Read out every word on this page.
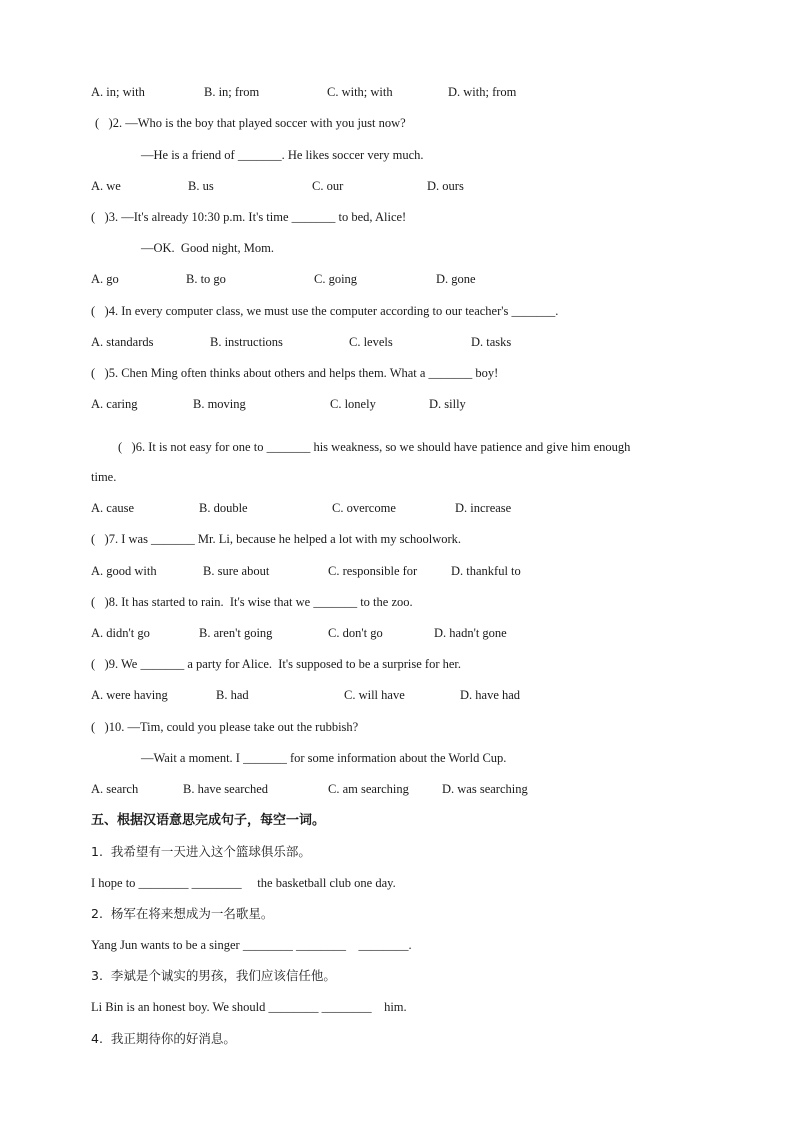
A. in; with	B. in; from	C. with; with	D. with; from
(   )2. —Who is the boy that played soccer with you just now?
—He is a friend of _______. He likes soccer very much.
A. we	B. us	C. our	D. ours
(   )3. —It's already 10:30 p.m. It's time _______ to bed, Alice!
—OK.  Good night, Mom.
A. go	B. to go	C. going	D. gone
(   )4. In every computer class, we must use the computer according to our teacher's _______.
A. standards	B. instructions	C. levels	D. tasks
(   )5. Chen Ming often thinks about others and helps them. What a _______ boy!
A. caring	B. moving	C. lonely	D. silly
(   )6. It is not easy for one to _______ his weakness, so we should have patience and give him enough
time.
A. cause	B. double	C. overcome	D. increase
(   )7. I was _______ Mr. Li, because he helped a lot with my schoolwork.
A. good with	B. sure about	C. responsible for	D. thankful to
(   )8. It has started to rain.  It's wise that we _______ to the zoo.
A. didn't go	B. aren't going	C. don't go	D. hadn't gone
(   )9. We _______ a party for Alice.  It's supposed to be a surprise for her.
A. were having	B. had	C. will have	D. have had
(   )10. —Tim, could you please take out the rubbish?
—Wait a moment. I _______ for some information about the World Cup.
A. search	B. have searched	C. am searching	D. was searching
五、根据汉语意思完成句子，每空一词。
1.  我希望有一天进入这个篮球俱乐部。
I hope to ________ ________     the basketball club one day.
2.  杨军在将来想成为一名歌星。
Yang Jun wants to be a singer ________ ________    ________.
3.  李斌是个诚实的男孩，我们应该信任他。
Li Bin is an honest boy. We should ________ ________    him.
4.  我正期待你的好消息。
